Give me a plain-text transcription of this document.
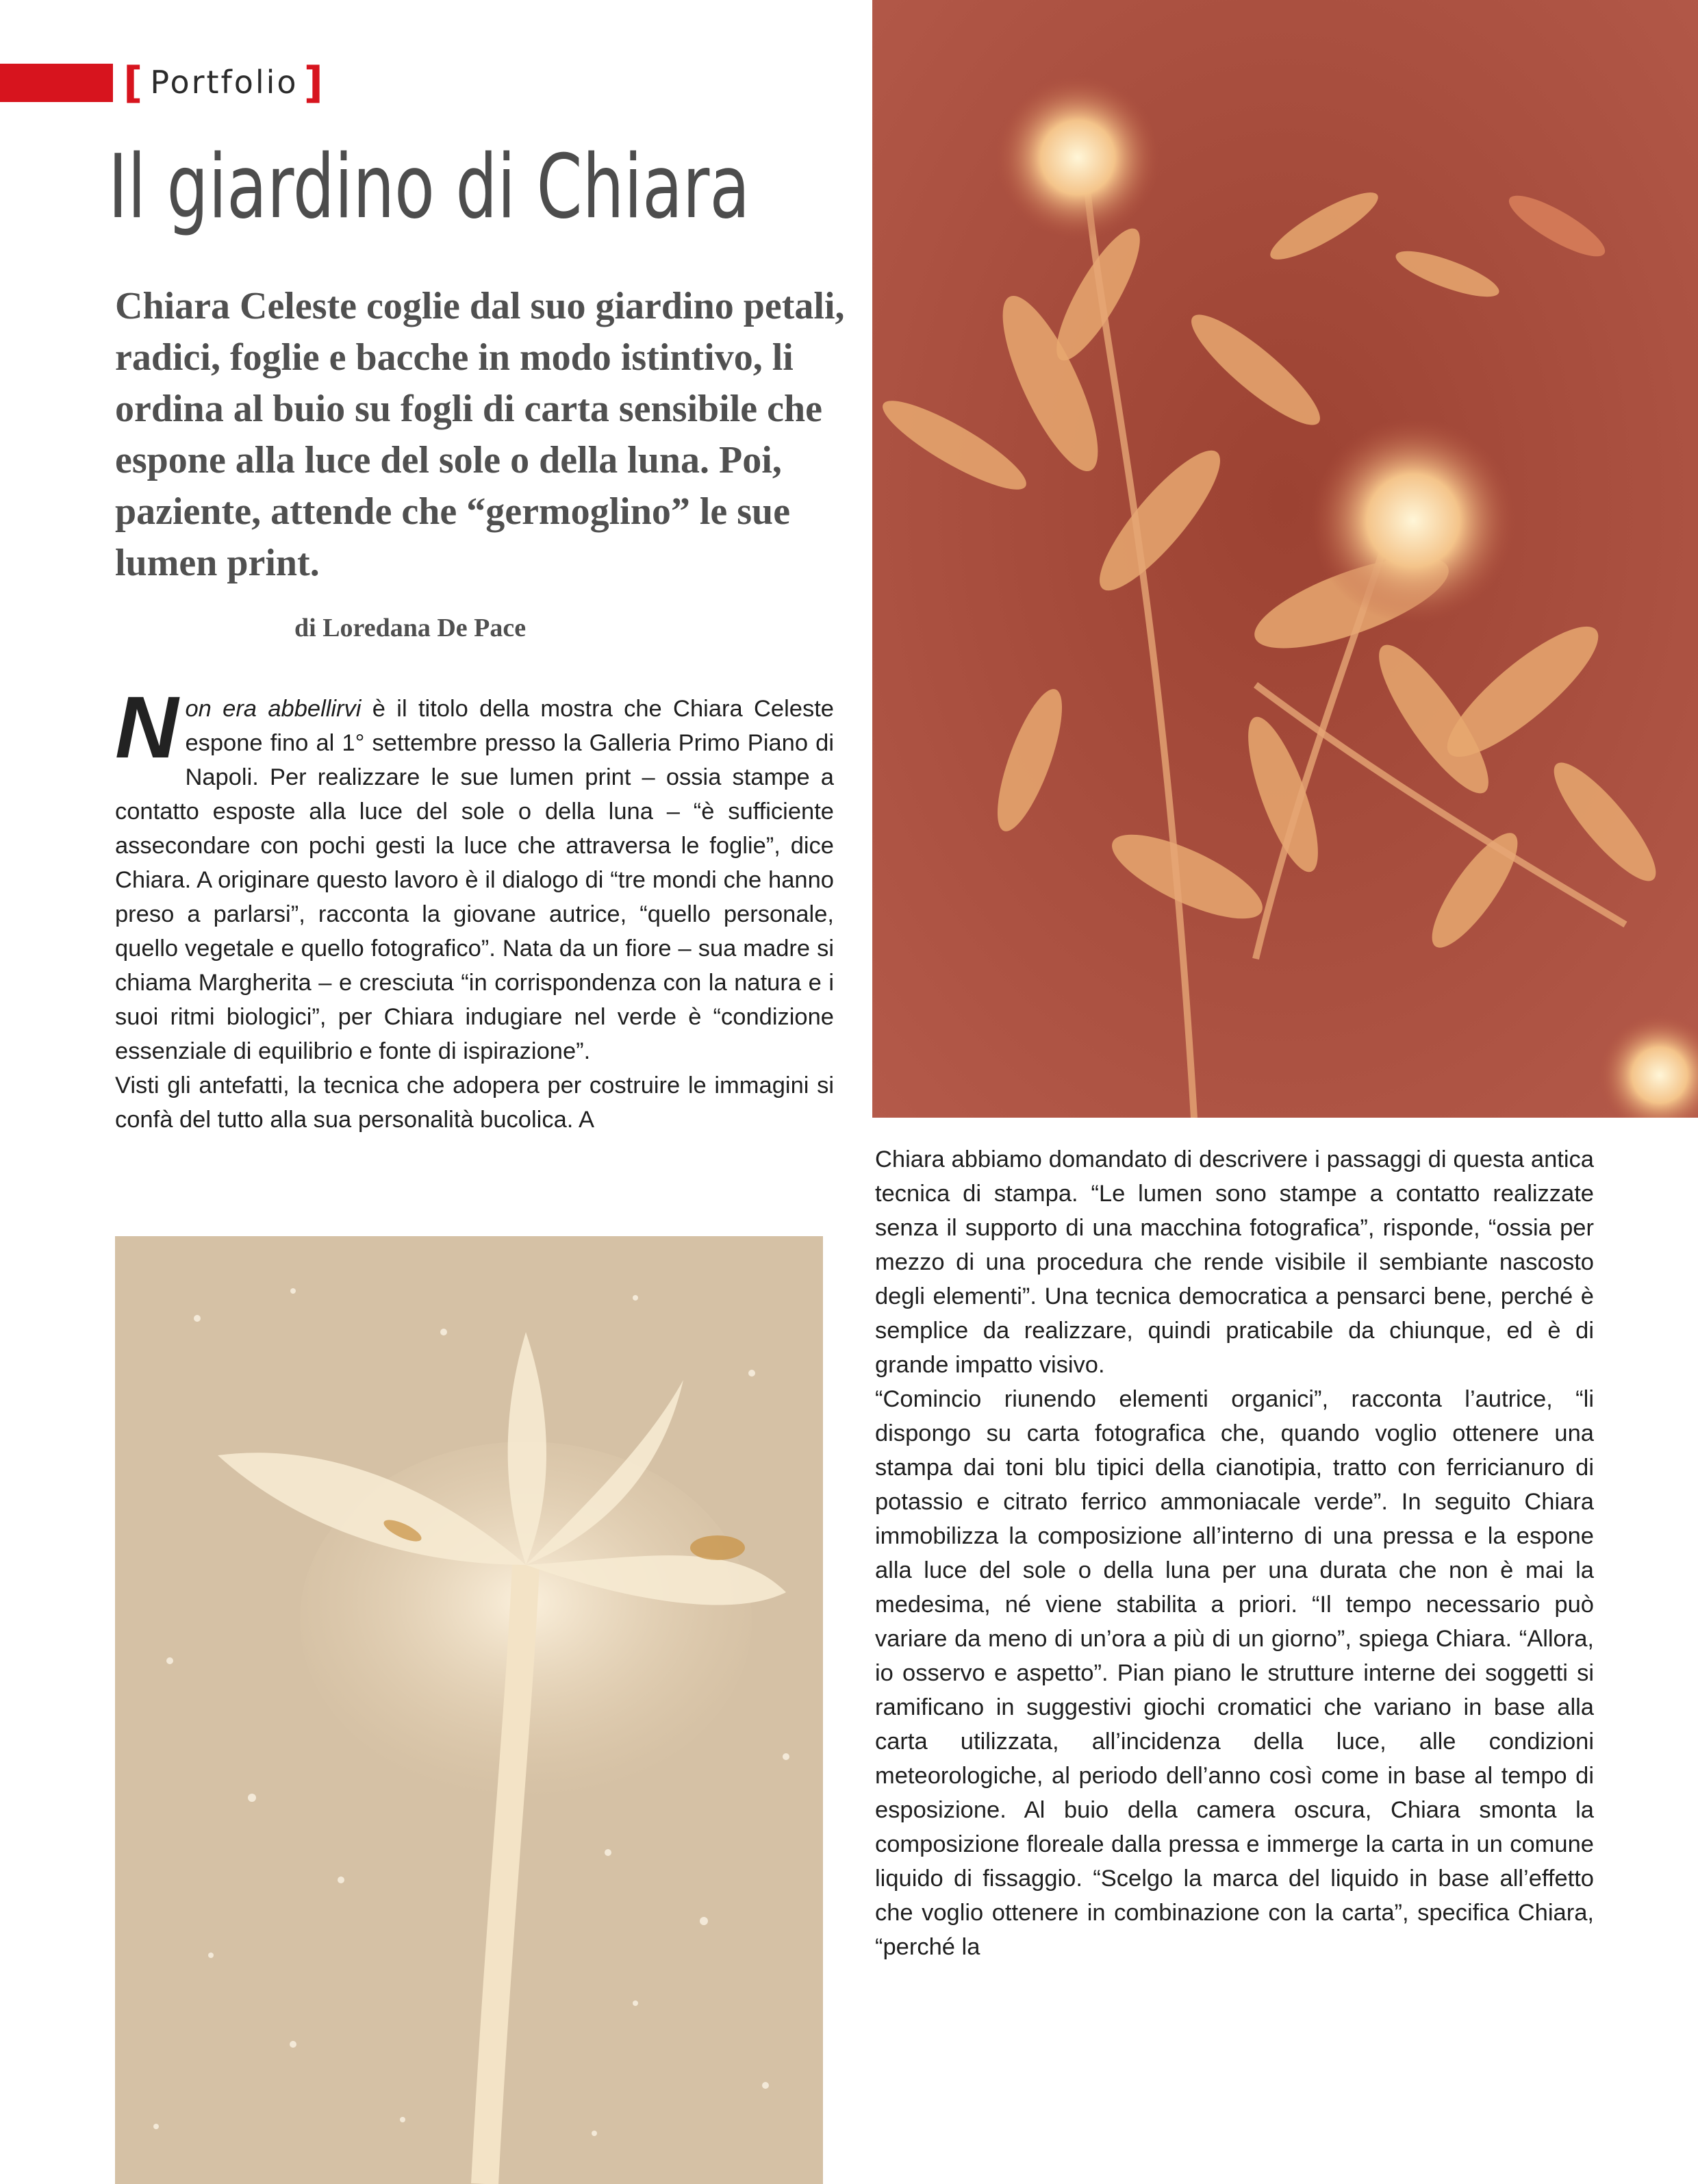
[ Portfolio ]
Il giardino di Chiara

Chiara Celeste coglie dal suo giardino petali, radici, foglie e bacche in modo istintivo, li ordina al buio su fogli di carta sensibile che espone alla luce del sole o della luna. Poi, paziente, attende che “germoglino” le sue lumen print.

di Loredana De Pace

Non era abbellirvi è il titolo della mostra che Chiara Celeste espone fino al 1° settembre presso la Galleria Primo Piano di Napoli. Per realizzare le sue lumen print – ossia stampe a contatto esposte alla luce del sole o della luna – “è sufficiente assecondare con pochi gesti la luce che attraversa le foglie”, dice Chiara. A originare questo lavoro è il dialogo di “tre mondi che hanno preso a parlarsi”, racconta la giovane autrice, “quello personale, quello vegetale e quello fotografico”. Nata da un fiore – sua madre si chiama Margherita – e cresciuta “in corrispondenza con la natura e i suoi ritmi biologici”, per Chiara indugiare nel verde è “condizione essenziale di equilibrio e fonte di ispirazione”.

Visti gli antefatti, la tecnica che adopera per costruire le immagini si confà del tutto alla sua personalità bucolica. A

Chiara abbiamo domandato di descrivere i passaggi di questa antica tecnica di stampa. “Le lumen sono stampe a contatto realizzate senza il supporto di una macchina fotografica”, risponde, “ossia per mezzo di una procedura che rende visibile il sembiante nascosto degli elementi”. Una tecnica democratica a pensarci bene, perché è semplice da realizzare, quindi praticabile da chiunque, ed è di grande impatto visivo.

“Comincio riunendo elementi organici”, racconta l’autrice, “li dispongo su carta fotografica che, quando voglio ottenere una stampa dai toni blu tipici della cianotipia, tratto con ferricianuro di potassio e citrato ferrico ammoniacale verde”. In seguito Chiara immobilizza la composizione all’interno di una pressa e la espone alla luce del sole o della luna per una durata che non è mai la medesima, né viene stabilita a priori. “Il tempo necessario può variare da meno di un’ora a più di un giorno”, spiega Chiara. “Allora, io osservo e aspetto”. Pian piano le strutture interne dei soggetti si ramificano in suggestivi giochi cromatici che variano in base alla carta utilizzata, all’incidenza della luce, alle condizioni meteorologiche, al periodo dell’anno così come in base al tempo di esposizione. Al buio della camera oscura, Chiara smonta la composizione floreale dalla pressa e immerge la carta in un comune liquido di fissaggio. “Scelgo la marca del liquido in base all’effetto che voglio ottenere in combinazione con la carta”, specifica Chiara, “perché la
